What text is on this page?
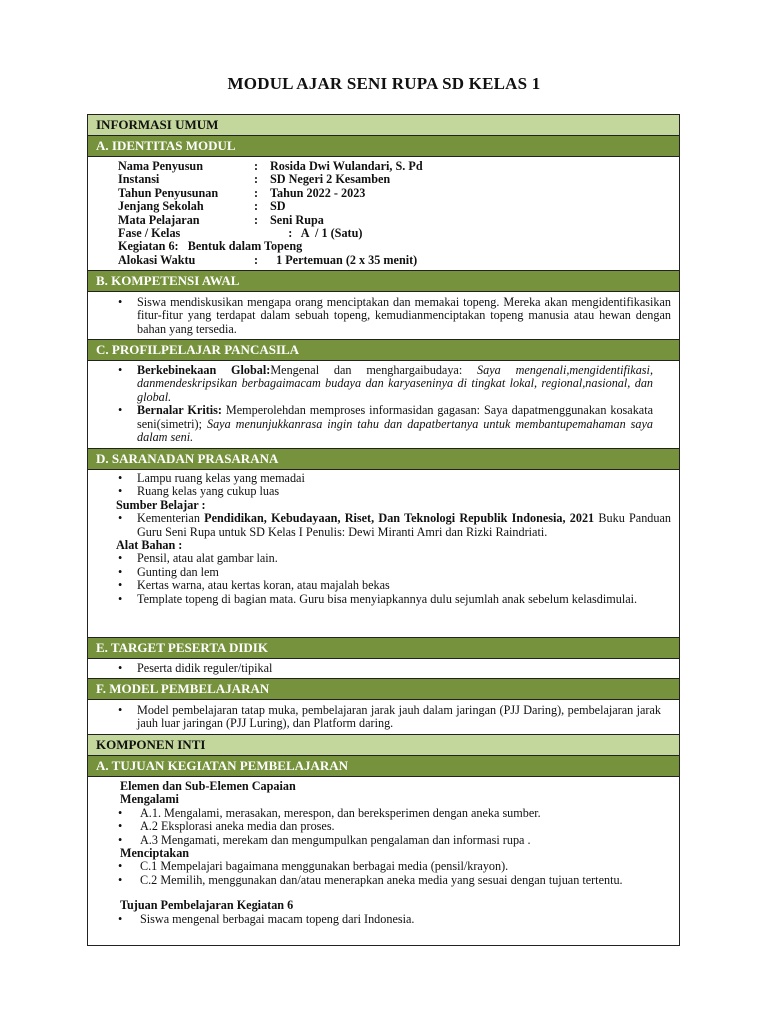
MODUL AJAR SENI RUPA SD KELAS 1
INFORMASI UMUM
A. IDENTITAS MODUL
Nama Penyusun	: Rosida Dwi Wulandari, S. Pd
Instansi	: SD Negeri 2 Kesamben
Tahun Penyusunan	: Tahun 2022 - 2023
Jenjang Sekolah	: SD
Mata Pelajaran	: Seni Rupa
Fase / Kelas	:   A  / 1 (Satu)
Kegiatan 6:   Bentuk dalam Topeng
Alokasi Waktu	: 1 Pertemuan (2 x 35 menit)
B. KOMPETENSI AWAL
• Siswa mendiskusikan mengapa orang menciptakan dan memakai topeng. Mereka akan mengidentifikasikan fitur-fitur yang terdapat dalam sebuah topeng, kemudianmenciptakan topeng manusia atau hewan dengan bahan yang tersedia.
C. PROFILPELAJAR PANCASILA
• Berkebinekaan Global:Mengenal dan menghargaibudaya: Saya mengenali,mengidentifikasi, danmendeskripsikan berbagaimacam budaya dan karyaseninya di tingkat lokal, regional,nasional, dan global.
• Bernalar Kritis: Memperolehdan memproses informasidan gagasan: Saya dapatmenggunakan kosakata seni(simetri); Saya menunjukkanrasa ingin tahu dan dapatbertanya untuk membantupemahaman saya dalam seni.
D. SARANADAN PRASARANA
• Lampu ruang kelas yang memadai
• Ruang kelas yang cukup luas
Sumber Belajar :
• Kementerian Pendidikan, Kebudayaan, Riset, Dan Teknologi Republik Indonesia, 2021 Buku Panduan Guru Seni Rupa untuk SD Kelas I Penulis: Dewi Miranti Amri dan Rizki Raindriati.
Alat Bahan :
• Pensil, atau alat gambar lain.
• Gunting dan lem
• Kertas warna, atau kertas koran, atau majalah bekas
• Template topeng di bagian mata. Guru bisa menyiapkannya dulu sejumlah anak sebelum kelasdimulai.
E. TARGET PESERTA DIDIK
• Peserta didik reguler/tipikal
F. MODEL PEMBELAJARAN
• Model pembelajaran tatap muka, pembelajaran jarak jauh dalam jaringan (PJJ Daring), pembelajaran jarak jauh luar jaringan (PJJ Luring), dan Platform daring.
KOMPONEN INTI
A. TUJUAN KEGIATAN PEMBELAJARAN
Elemen dan Sub-Elemen Capaian
Mengalami
• A.1. Mengalami, merasakan, merespon, dan bereksperimen dengan aneka sumber.
• A.2 Eksplorasi aneka media dan proses.
• A.3 Mengamati, merekam dan mengumpulkan pengalaman dan informasi rupa .
Menciptakan
• C.1 Mempelajari bagaimana menggunakan berbagai media (pensil/krayon).
• C.2 Memilih, menggunakan dan/atau menerapkan aneka media yang sesuai dengan tujuan tertentu.
Tujuan Pembelajaran Kegiatan 6
• Siswa mengenal berbagai macam topeng dari Indonesia.
